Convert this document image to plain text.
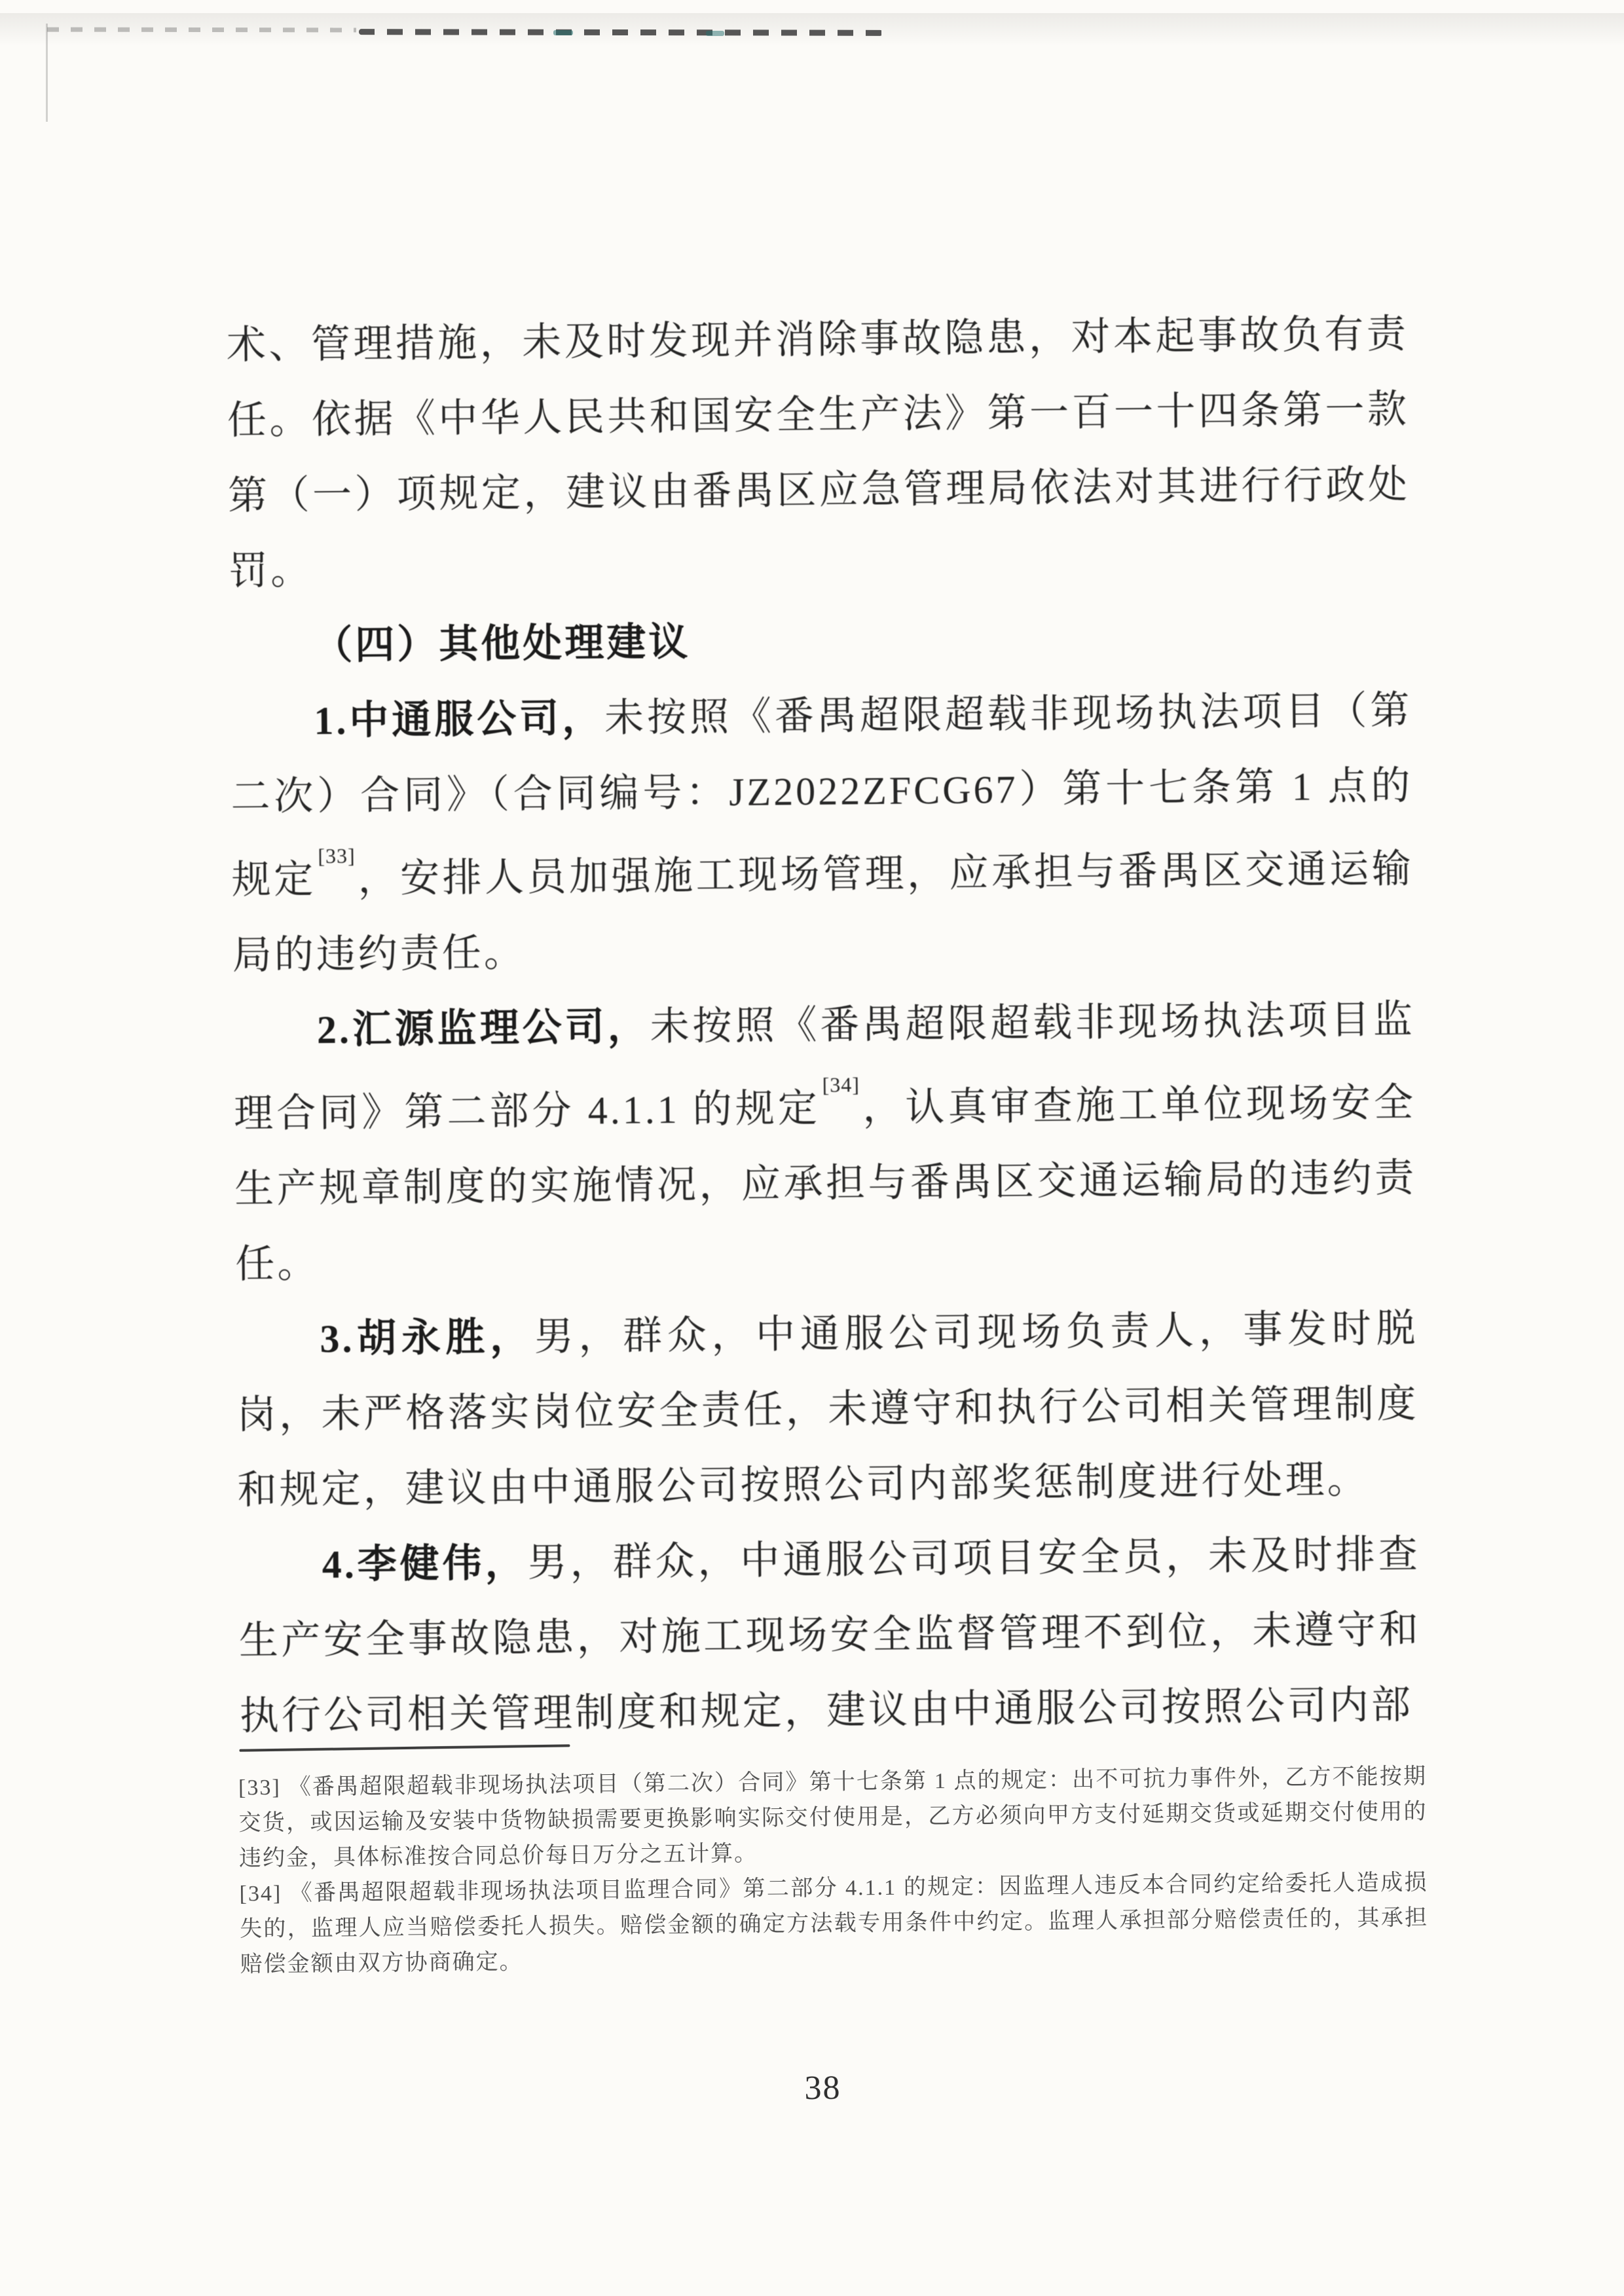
术、管理措施，未及时发现并消除事故隐患，对本起事故负有责任。依据《中华人民共和国安全生产法》第一百一十四条第一款第（一）项规定，建议由番禺区应急管理局依法对其进行行政处罚。

（四）其他处理建议

1.中通服公司，未按照《番禺超限超载非现场执法项目（第二次）合同》（合同编号：JZ2022ZFCG67）第十七条第 1 点的规定[33]，安排人员加强施工现场管理，应承担与番禺区交通运输局的违约责任。

2.汇源监理公司，未按照《番禺超限超载非现场执法项目监理合同》第二部分 4.1.1 的规定[34]，认真审查施工单位现场安全生产规章制度的实施情况，应承担与番禺区交通运输局的违约责任。

3.胡永胜，男，群众，中通服公司现场负责人，事发时脱岗，未严格落实岗位安全责任，未遵守和执行公司相关管理制度和规定，建议由中通服公司按照公司内部奖惩制度进行处理。

4.李健伟，男，群众，中通服公司项目安全员，未及时排查生产安全事故隐患，对施工现场安全监督管理不到位，未遵守和执行公司相关管理制度和规定，建议由中通服公司按照公司内部

[33] 《番禺超限超载非现场执法项目（第二次）合同》第十七条第 1 点的规定：出不可抗力事件外，乙方不能按期交货，或因运输及安装中货物缺损需要更换影响实际交付使用是，乙方必须向甲方支付延期交货或延期交付使用的违约金，具体标准按合同总价每日万分之五计算。

[34] 《番禺超限超载非现场执法项目监理合同》第二部分 4.1.1 的规定：因监理人违反本合同约定给委托人造成损失的，监理人应当赔偿委托人损失。赔偿金额的确定方法载专用条件中约定。监理人承担部分赔偿责任的，其承担赔偿金额由双方协商确定。

38
